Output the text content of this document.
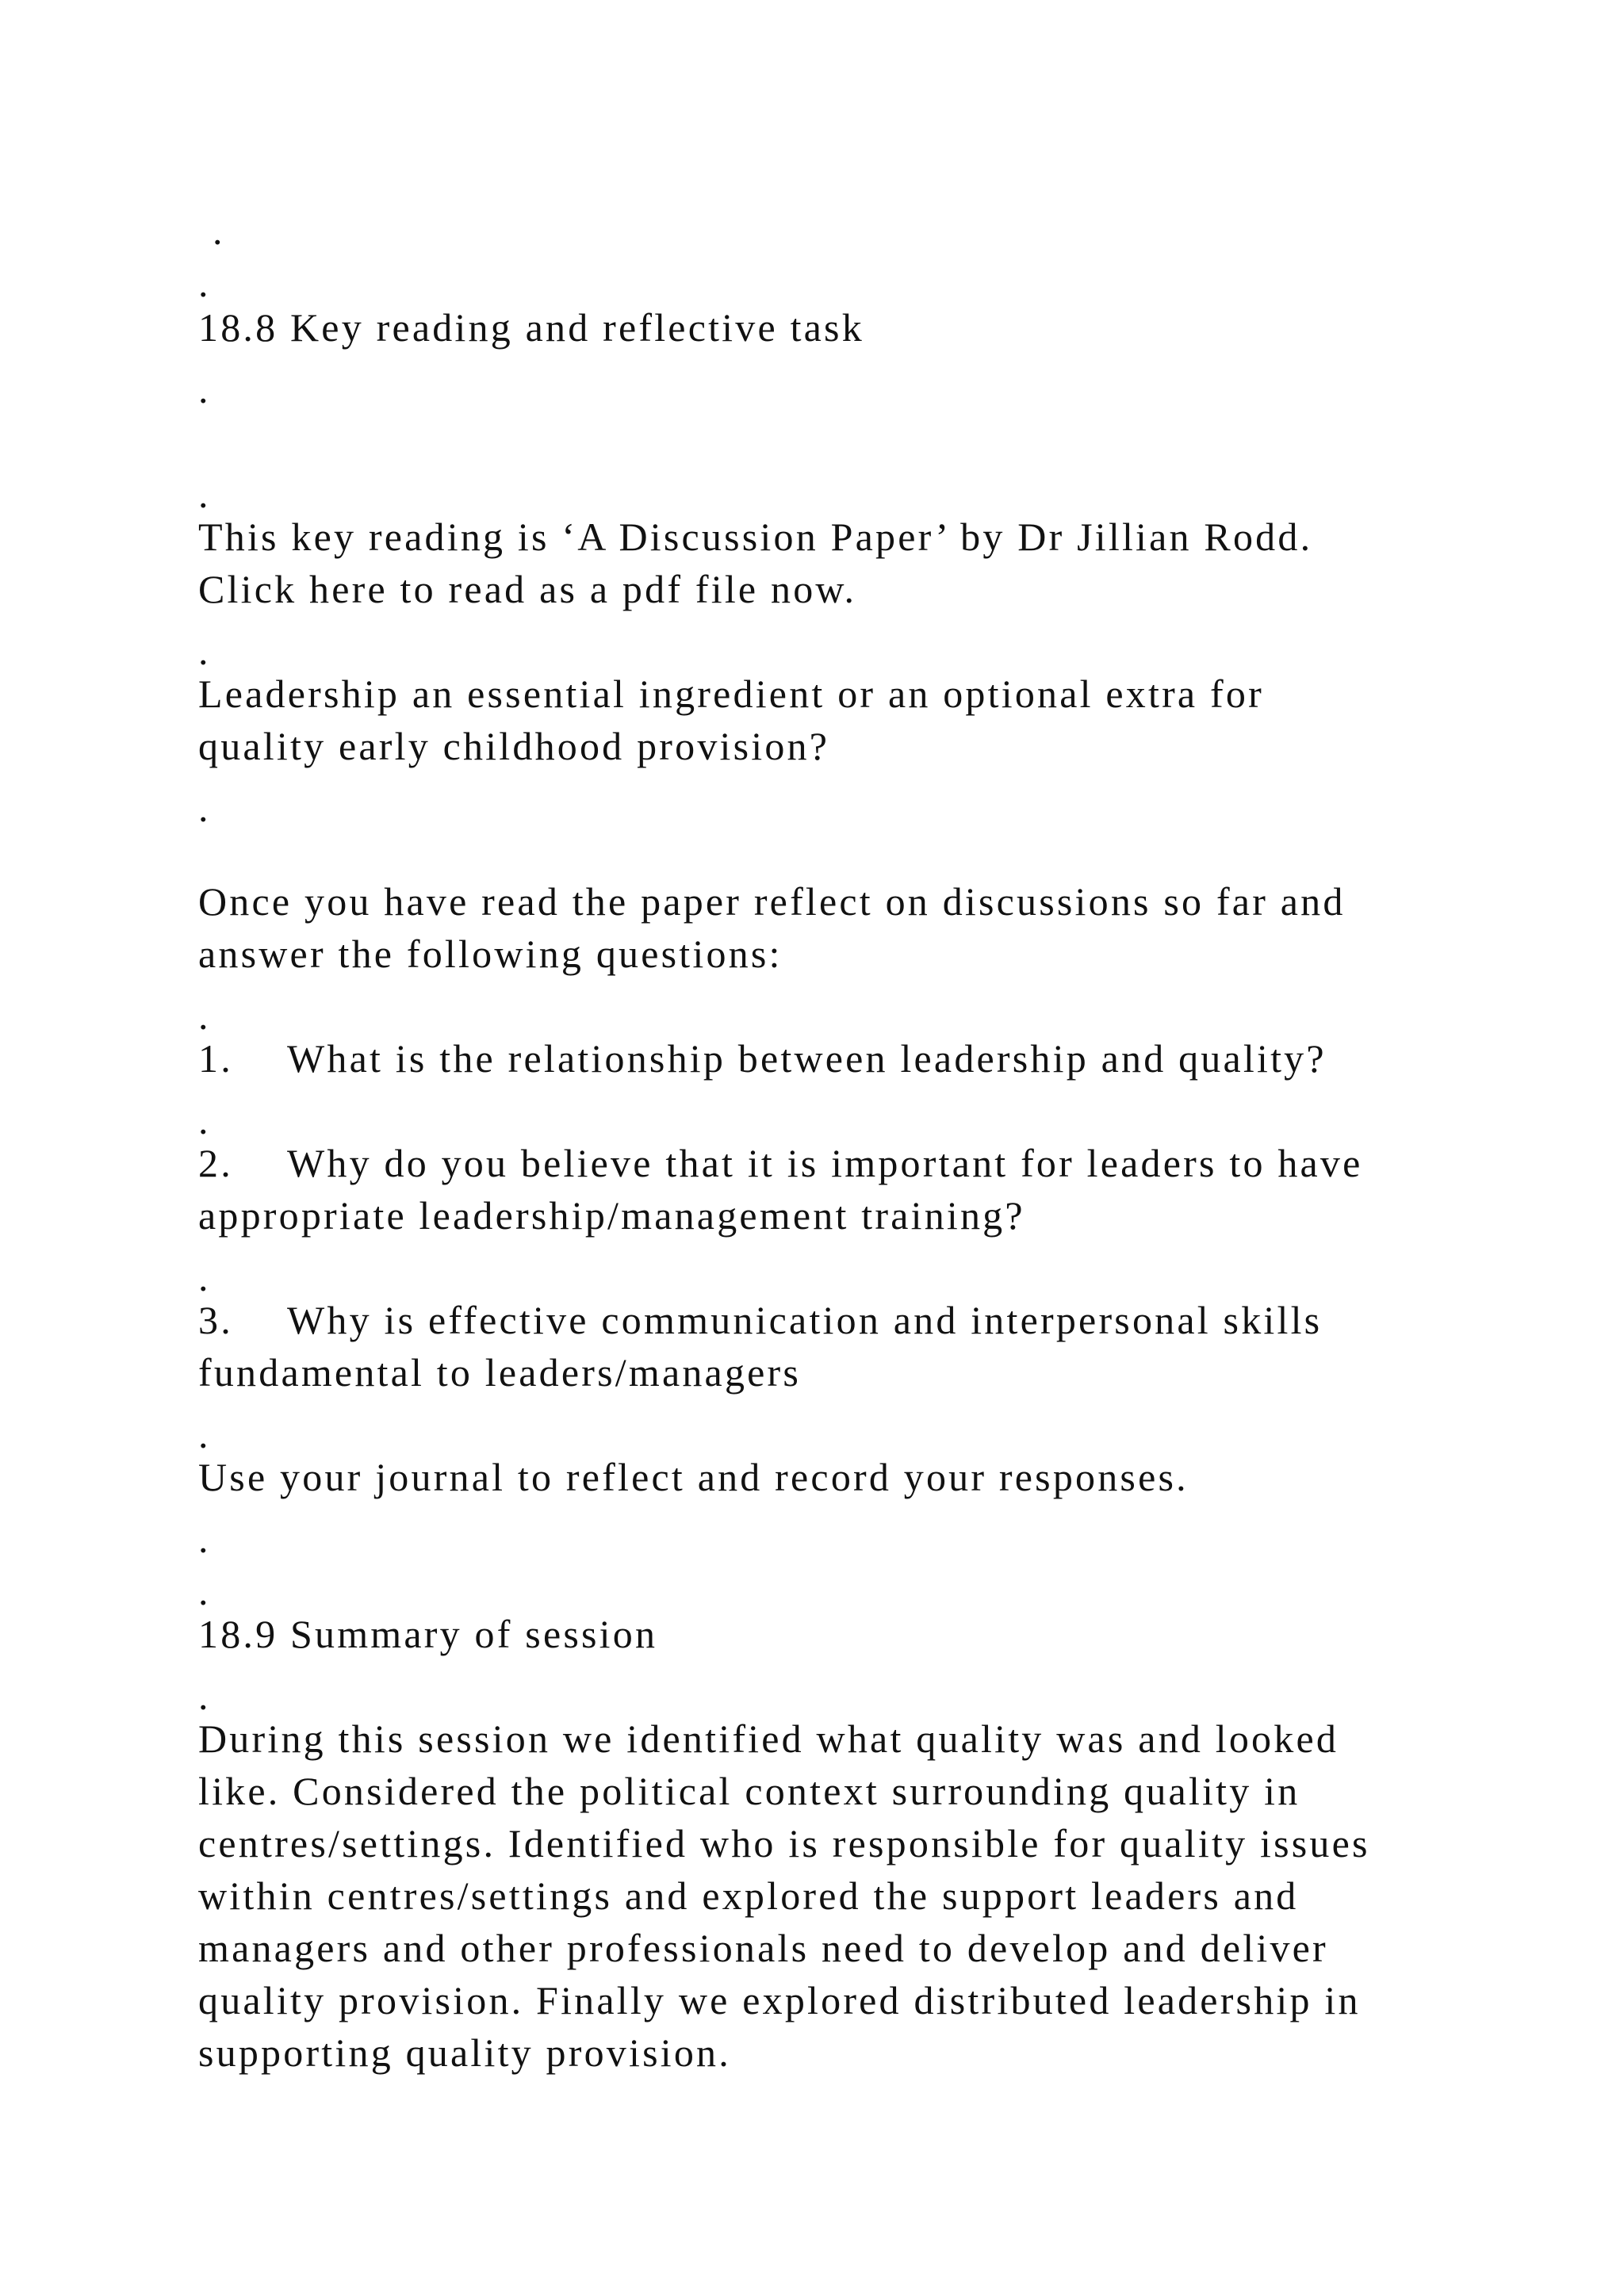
.
.
18.8 Key reading and reflective task
.
.
This key reading is ‘A Discussion Paper’ by Dr Jillian Rodd.
Click here to read as a pdf file now.
.
Leadership an essential ingredient or an optional extra for
quality early childhood provision?
.
Once you have read the paper reflect on discussions so far and
answer the following questions:
.
1. What is the relationship between leadership and quality?
.
2. Why do you believe that it is important for leaders to have
appropriate leadership/management training?
.
3. Why is effective communication and interpersonal skills
fundamental to leaders/managers
.
Use your journal to reflect and record your responses.
.
.
18.9 Summary of session
.
During this session we identified what quality was and looked
like. Considered the political context surrounding quality in
centres/settings. Identified who is responsible for quality issues
within centres/settings and explored the support leaders and
managers and other professionals need to develop and deliver
quality provision. Finally we explored distributed leadership in
supporting quality provision.
